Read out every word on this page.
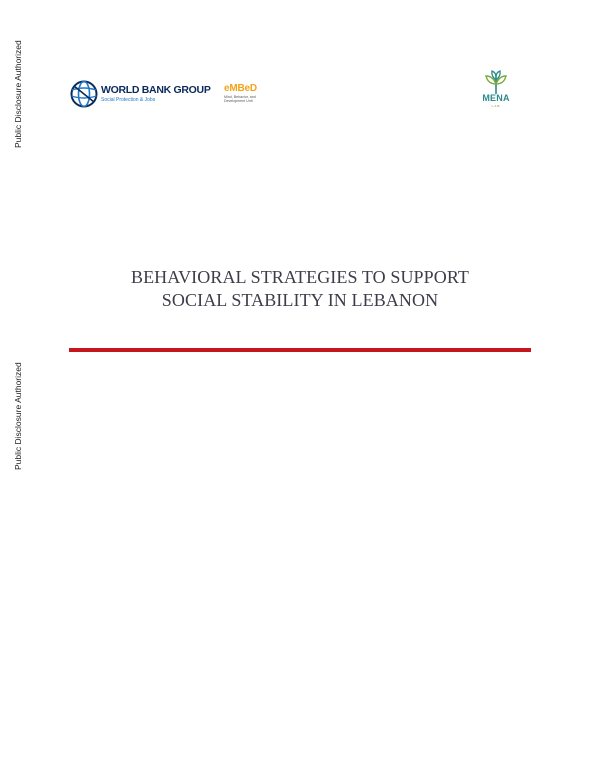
Public Disclosure Authorized
Public Disclosure Authorized
WORLD BANK GROUP
Social Protection & Jobs
eMBeD
Mind, Behavior, and Development Unit	MENA
LAB
BEHAVIORAL STRATEGIES TO SUPPORT
SOCIAL STABILITY IN LEBANON
